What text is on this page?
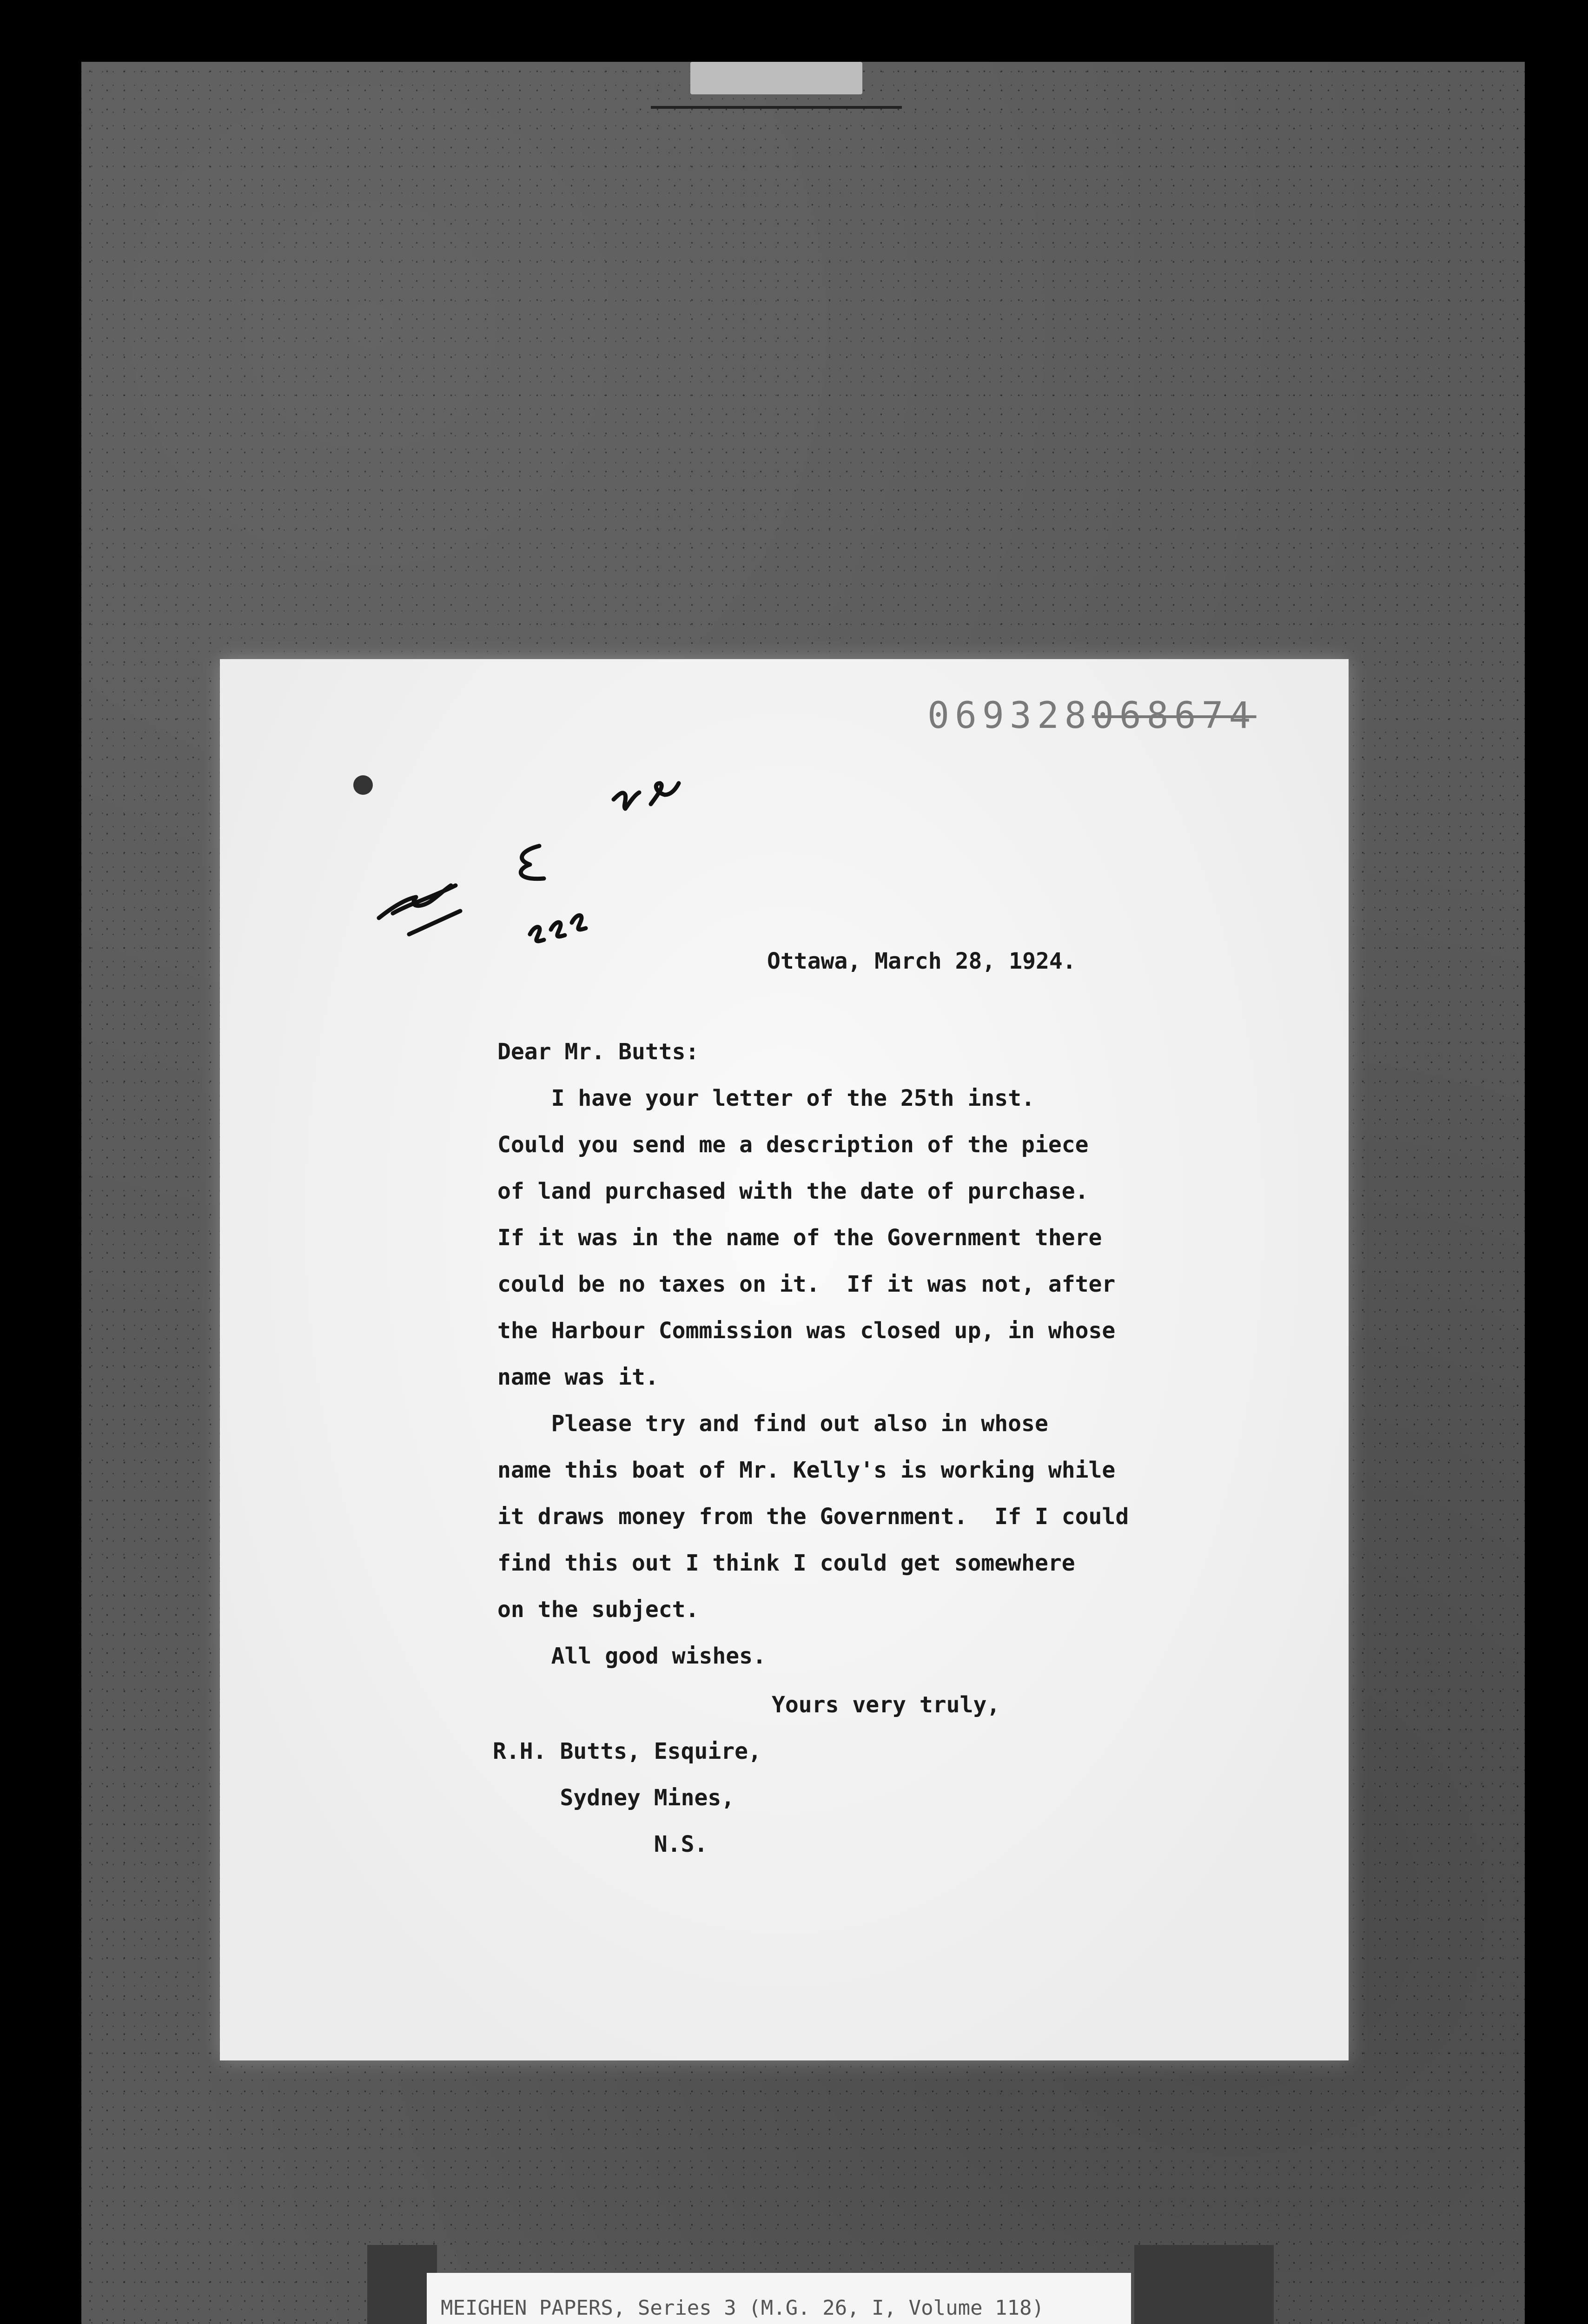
069328068674
Ottawa, March 28, 1924.
Dear Mr. Butts:
I have your letter of the 25th inst.
Could you send me a description of the piece
of land purchased with the date of purchase.
If it was in the name of the Government there
could be no taxes on it.  If it was not, after
the Harbour Commission was closed up, in whose
name was it.
Please try and find out also in whose
name this boat of Mr. Kelly's is working while
it draws money from the Government.  If I could
find this out I think I could get somewhere
on the subject.
All good wishes.
Yours very truly,
R.H. Butts, Esquire,
Sydney Mines,
N.S.
MEIGHEN PAPERS, Series 3 (M.G. 26, I, Volume 118)
